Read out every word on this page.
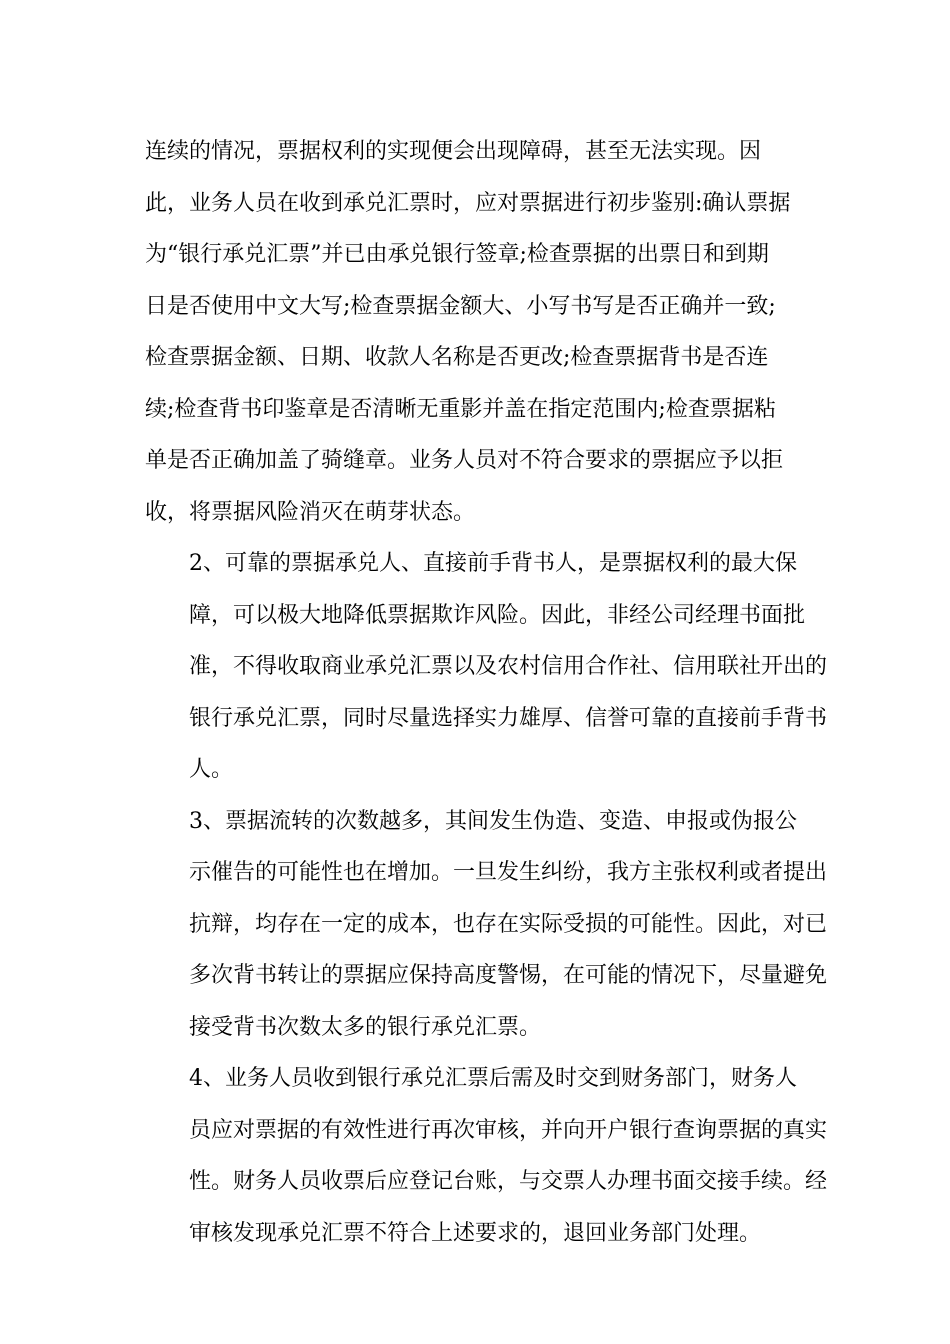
连续的情况，票据权利的实现便会出现障碍，甚至无法实现。因
此，业务人员在收到承兑汇票时，应对票据进行初步鉴别:确认票据
为“银行承兑汇票”并已由承兑银行签章;检查票据的出票日和到期
日是否使用中文大写;检查票据金额大、小写书写是否正确并一致;
检查票据金额、日期、收款人名称是否更改;检查票据背书是否连
续;检查背书印鉴章是否清晰无重影并盖在指定范围内;检查票据粘
单是否正确加盖了骑缝章。业务人员对不符合要求的票据应予以拒
收，将票据风险消灭在萌芽状态。

2、可靠的票据承兑人、直接前手背书人，是票据权利的最大保
障，可以极大地降低票据欺诈风险。因此，非经公司经理书面批
准，不得收取商业承兑汇票以及农村信用合作社、信用联社开出的
银行承兑汇票，同时尽量选择实力雄厚、信誉可靠的直接前手背书
人。

3、票据流转的次数越多，其间发生伪造、变造、申报或伪报公
示催告的可能性也在增加。一旦发生纠纷，我方主张权利或者提出
抗辩，均存在一定的成本，也存在实际受损的可能性。因此，对已
多次背书转让的票据应保持高度警惕，在可能的情况下，尽量避免
接受背书次数太多的银行承兑汇票。

4、业务人员收到银行承兑汇票后需及时交到财务部门，财务人
员应对票据的有效性进行再次审核，并向开户银行查询票据的真实
性。财务人员收票后应登记台账，与交票人办理书面交接手续。经
审核发现承兑汇票不符合上述要求的，退回业务部门处理。
